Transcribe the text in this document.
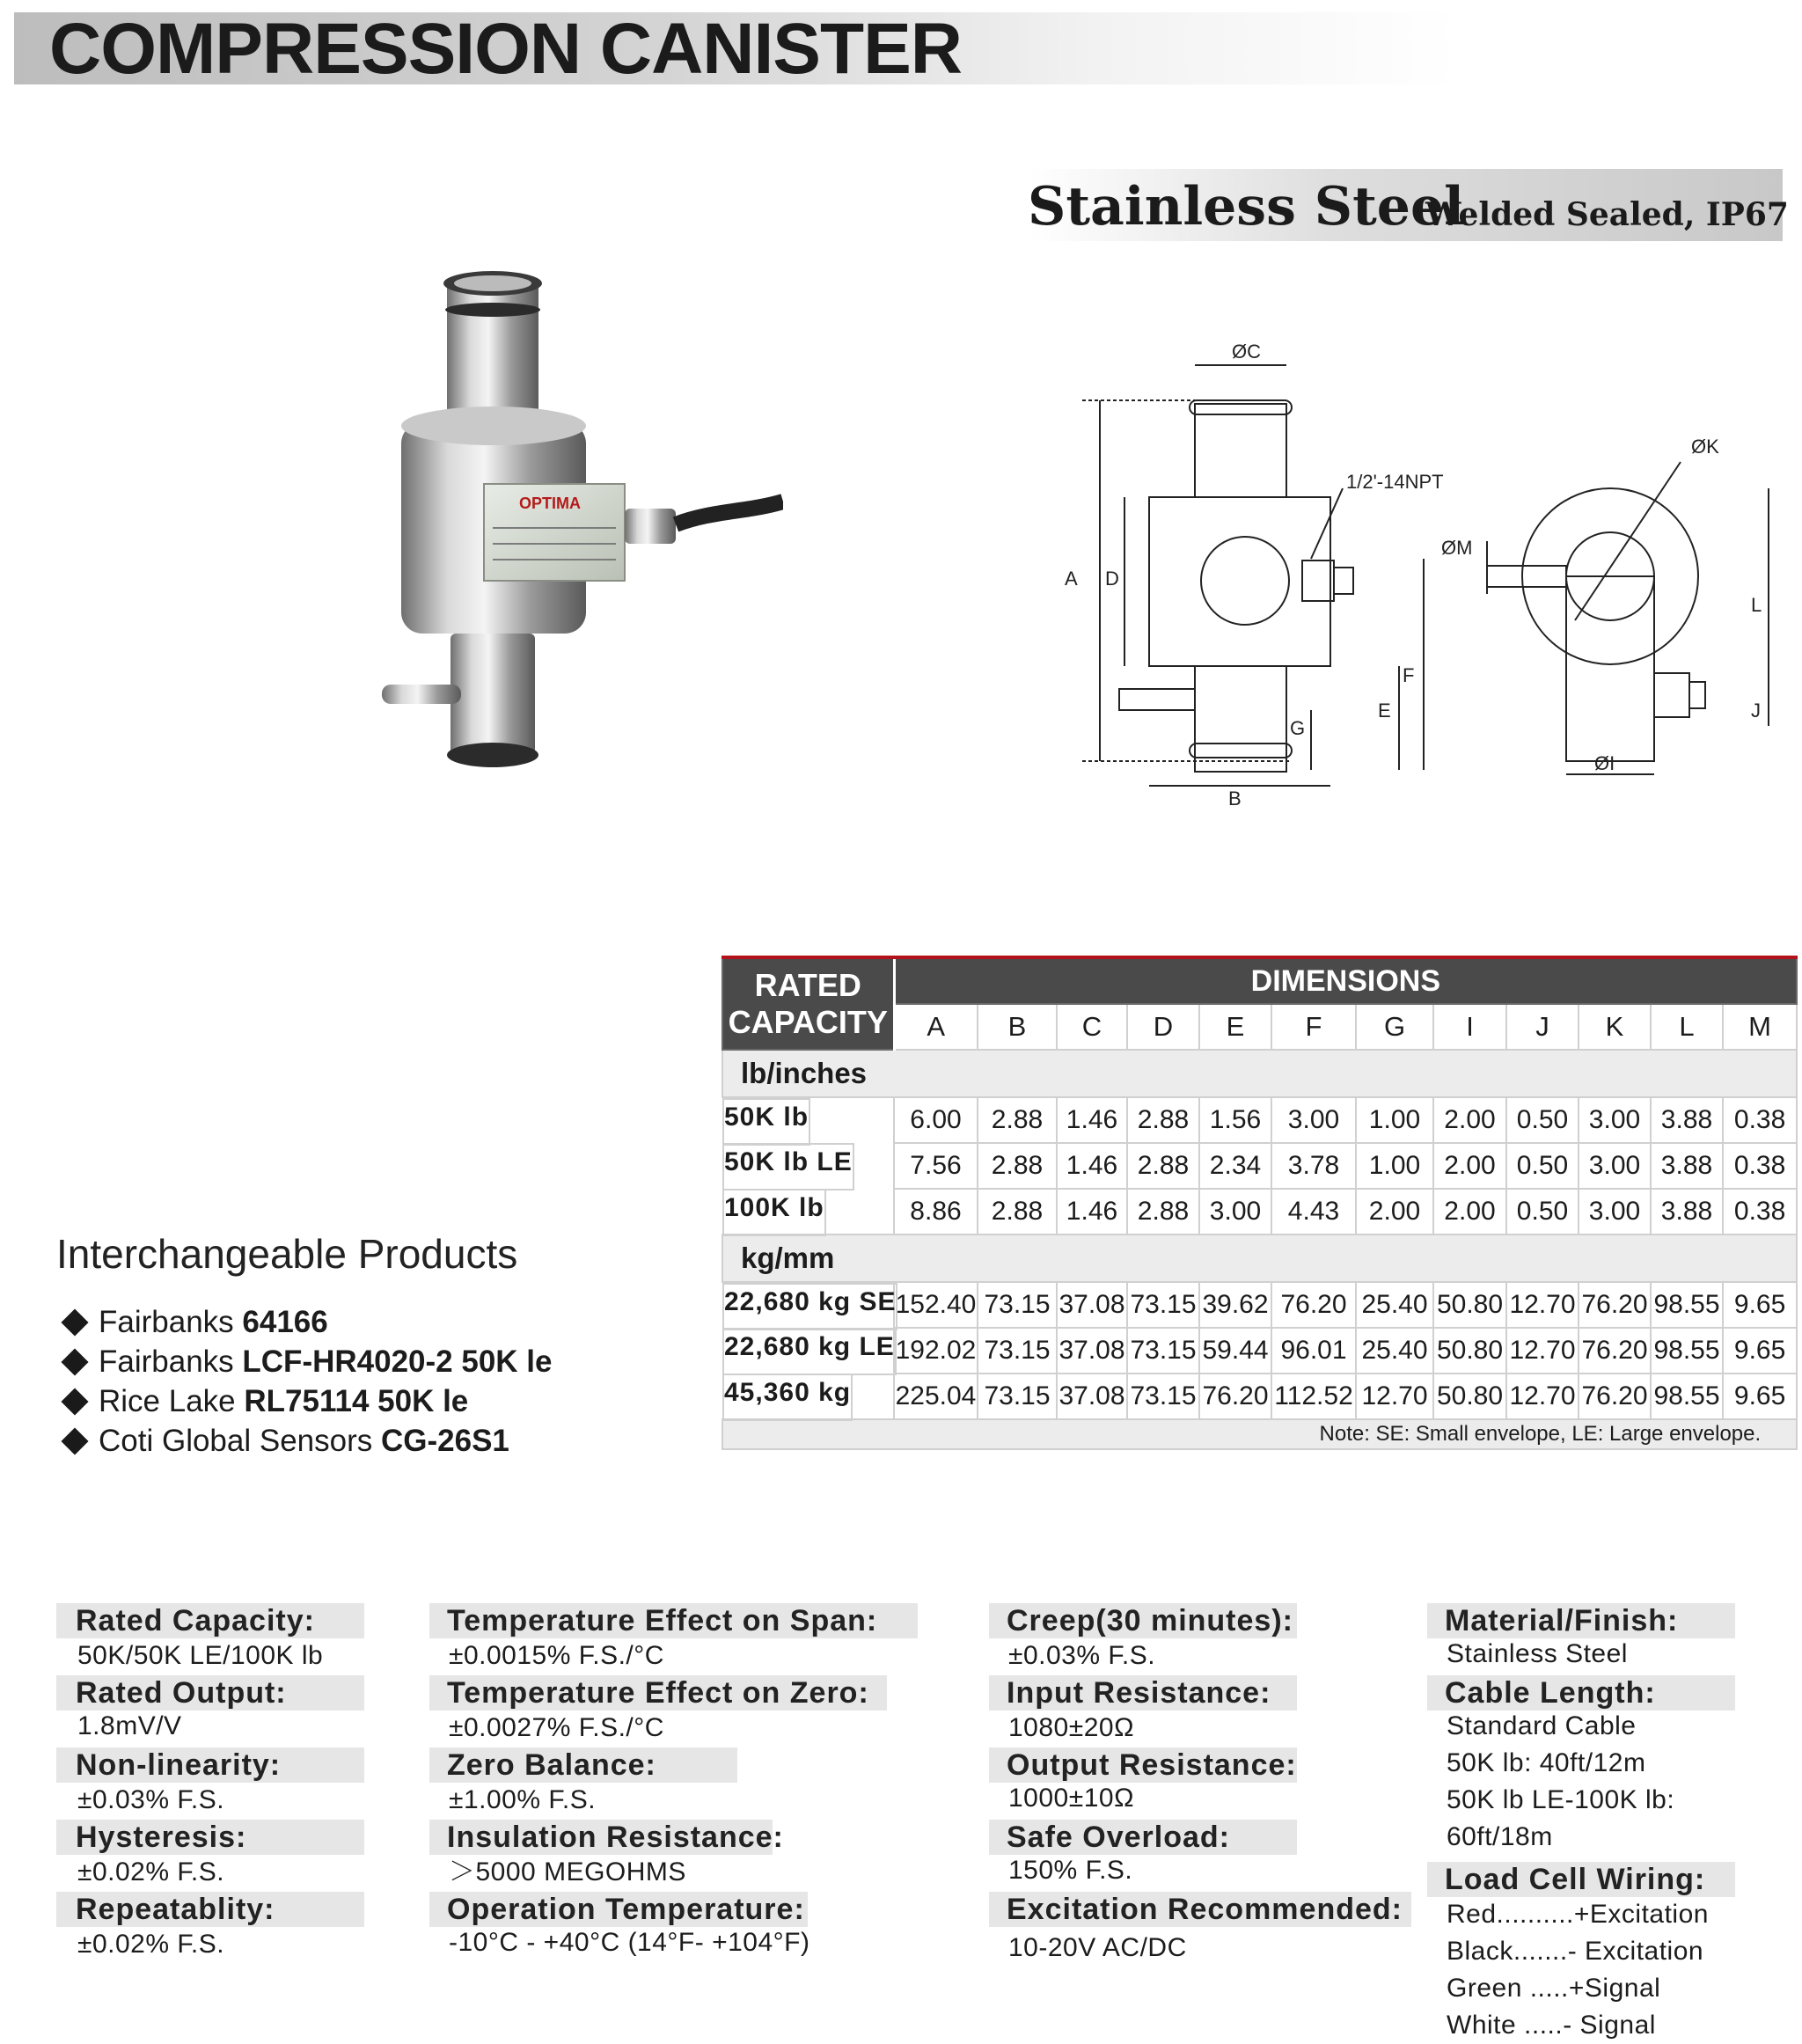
COMPRESSION CANISTER
Stainless Steel
Welded Sealed, IP67
OPTIMA
ØC
1/2'-14NPT
A D
ØM
F
E
G
B
ØK
L
J
ØI
RATED CAPACITY	DIMENSIONS											
	A	B	C	D	E	F	G	I	J	K	L	M
lb/inches												

50K lb	6.00	2.88	1.46	2.88	1.56	3.00	1.00	2.00	0.50	3.00	3.88	0.38

50K lb LE 7.56	2.88	1.46	2.88	2.34	3.78	1.00	2.00	0.50	3.00	3.88	0.38

100K lb	8.86	2.88	1.46	2.88	3.00	4.43	2.00	2.00	0.50	3.00	3.88	0.38
kg/mm												

22,680 kg SE 152.40	73.15	37.08	73.15	39.62	76.20	25.40	50.80	12.70	76.20	98.55	9.65

22,680 kg LE 192.02	73.15	37.08	73.15	59.44	96.01	25.40	50.80	12.70	76.20	98.55	9.65

45,360 kg 225.04	73.15	37.08	73.15	76.20	112.52	12.70	50.80	12.70	76.20	98.55	9.65
Note: SE: Small envelope, LE: Large envelope.												
Interchangeable Products
Fairbanks 64166
Fairbanks LCF-HR4020-2 50K le
Rice Lake RL75114 50K le
Coti Global Sensors CG-26S1
Rated Capacity:
50K/50K LE/100K lb
Rated Output:
1.8mV/V
Non-linearity:
±0.03% F.S.
Hysteresis:
±0.02% F.S.
Repeatablity:
±0.02% F.S.
Temperature Effect on Span:
±0.0015% F.S./°C
Temperature Effect on Zero:
±0.0027% F.S./°C
Zero Balance:
±1.00% F.S.
Insulation Resistance:
＞5000 MEGOHMS
Operation Temperature:
-10°C - +40°C (14°F- +104°F)
Creep(30 minutes):
±0.03% F.S.
Input Resistance:
1080±20Ω
Output Resistance:
1000±10Ω
Safe Overload:
150% F.S.
Excitation Recommended:
10-20V AC/DC
Material/Finish:
Stainless Steel
Cable Length:
Standard Cable
50K lb: 40ft/12m
50K lb LE-100K lb:
60ft/18m
Load Cell Wiring:
Red..........+Excitation
Black.......- Excitation
Green .....+Signal
White .....- Signal
